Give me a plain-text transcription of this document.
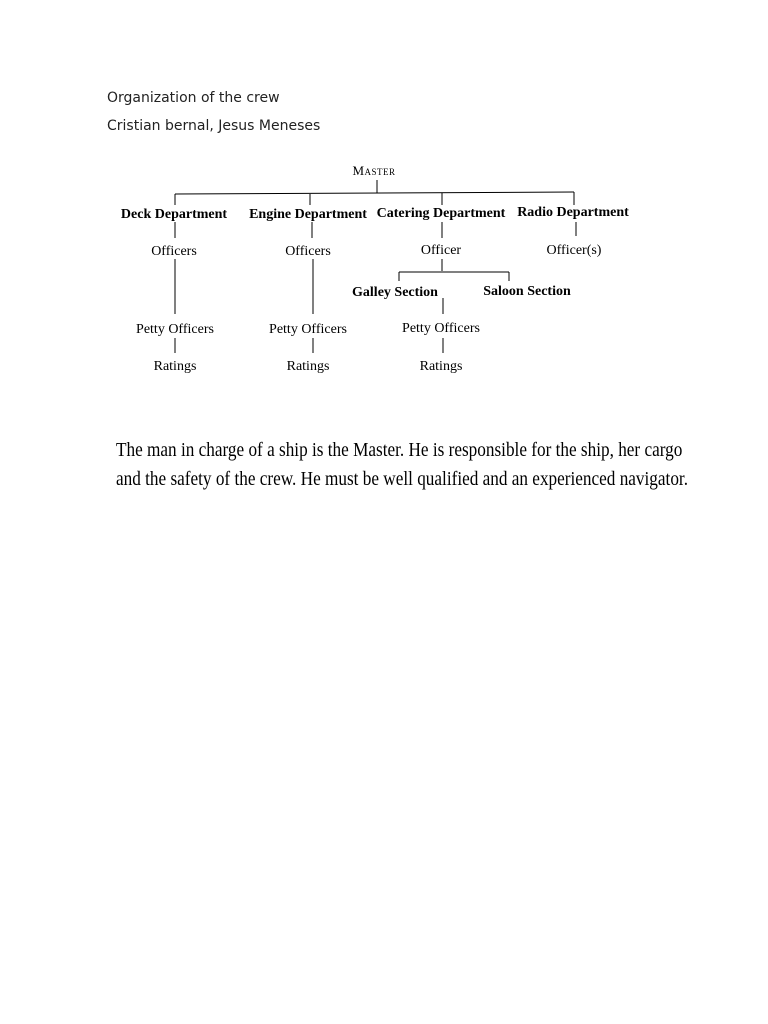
Organization of the crew
Cristian bernal, Jesus Meneses
Master
Deck Department Engine Department Catering Department Radio Department
Officers	Officers	Officer	Officer(s)
Galley Section	Saloon Section
Petty Officers	Petty Officers	Petty Officers
Ratings	Ratings	Ratings
The man in charge of a ship is the Master. He is responsible for the ship, her cargo
and the safety of the crew. He must be well qualified and an experienced navigator.
